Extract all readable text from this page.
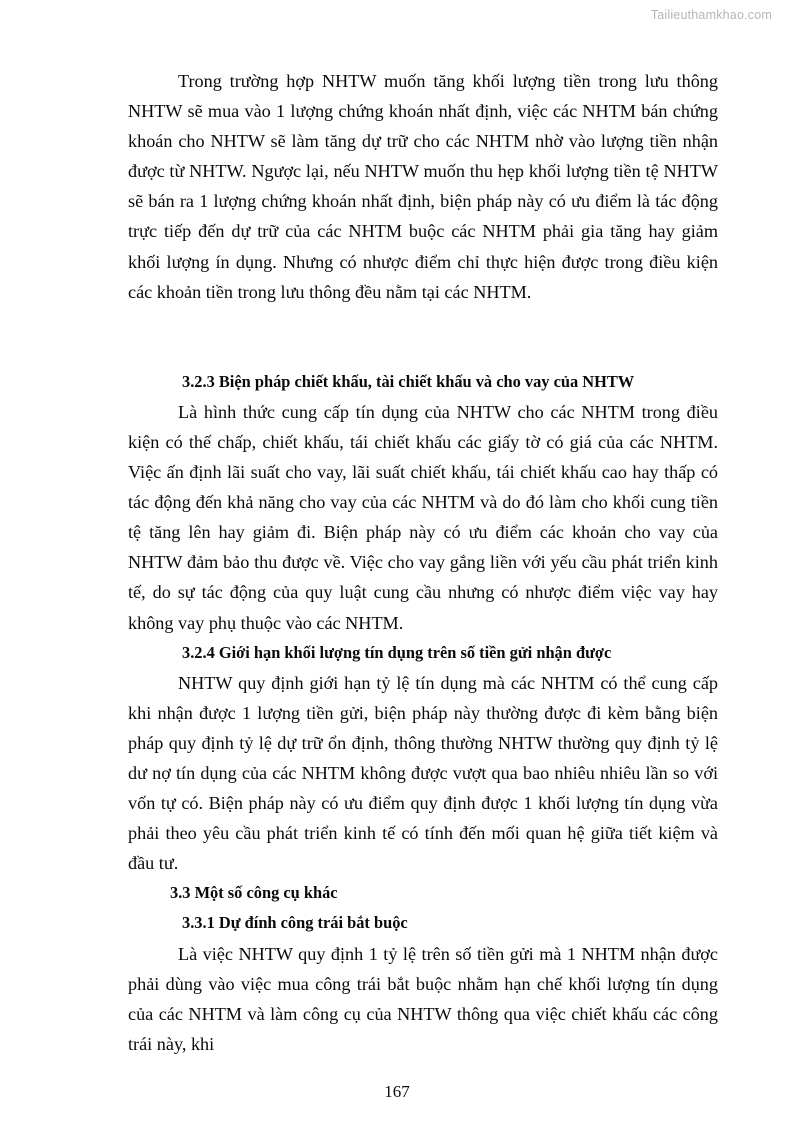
Tailieuthamkhao.com

Trong trường hợp NHTW muốn tăng khối lượng tiền trong lưu thông NHTW sẽ mua vào 1 lượng chứng khoán nhất định, việc các NHTM bán chứng khoán cho NHTW sẽ làm tăng dự trữ cho các NHTM nhờ vào lượng tiền nhận được từ NHTW. Ngược lại, nếu NHTW muốn thu hẹp khối lượng tiền tệ NHTW sẽ bán ra 1 lượng chứng khoán nhất định, biện pháp này có ưu điểm là tác động trực tiếp đến dự trữ của các NHTM buộc các NHTM phải gia tăng hay giảm khối lượng ín dụng. Nhưng có nhược điểm chỉ thực hiện được trong điều kiện các khoản tiền trong lưu thông đều nằm tại các NHTM.

3.2.3 Biện pháp chiết khấu, tài chiết khấu và cho vay của NHTW

Là hình thức cung cấp tín dụng của NHTW cho các NHTM trong điều kiện có thế chấp, chiết khấu, tái chiết khấu các giấy tờ có giá của các NHTM. Việc ấn định lãi suất cho vay, lãi suất chiết khấu, tái chiết khấu cao hay thấp có tác động đến khả năng cho vay của các NHTM và do đó làm cho khối cung tiền tệ tăng lên hay giảm đi. Biện pháp này có ưu điểm các khoản cho vay của NHTW đảm bảo thu được về. Việc cho vay gắng liền với yếu cầu phát triển kinh tế, do sự tác động của quy luật cung cầu nhưng có nhược điểm việc vay hay không vay phụ thuộc vào các NHTM.

3.2.4 Giới hạn khối lượng tín dụng trên số tiền gửi nhận được

NHTW quy định giới hạn tỷ lệ tín dụng mà các NHTM có thể cung cấp khi nhận được 1 lượng tiền gửi, biện pháp này thường được đi kèm bằng biện pháp quy định tỷ lệ dự trữ ổn định, thông thường NHTW thường quy định tỷ lệ dư nợ tín dụng của các NHTM không được vượt qua bao nhiêu nhiêu lần so với vốn tự có. Biện pháp này có ưu điểm quy định được 1 khối lượng tín dụng vừa phải theo yêu cầu phát triển kinh tế có tính đến mối quan hệ giữa tiết kiệm và đầu tư.

3.3 Một số công cụ khác
3.3.1 Dự đính công trái bắt buộc

Là việc NHTW quy định 1 tỷ lệ trên số tiền gửi mà 1 NHTM nhận được phải dùng vào việc mua công trái bắt buộc nhằm hạn chế khối lượng tín dụng của các NHTM và làm công cụ của NHTW thông qua việc chiết khấu các công trái này, khi

167
